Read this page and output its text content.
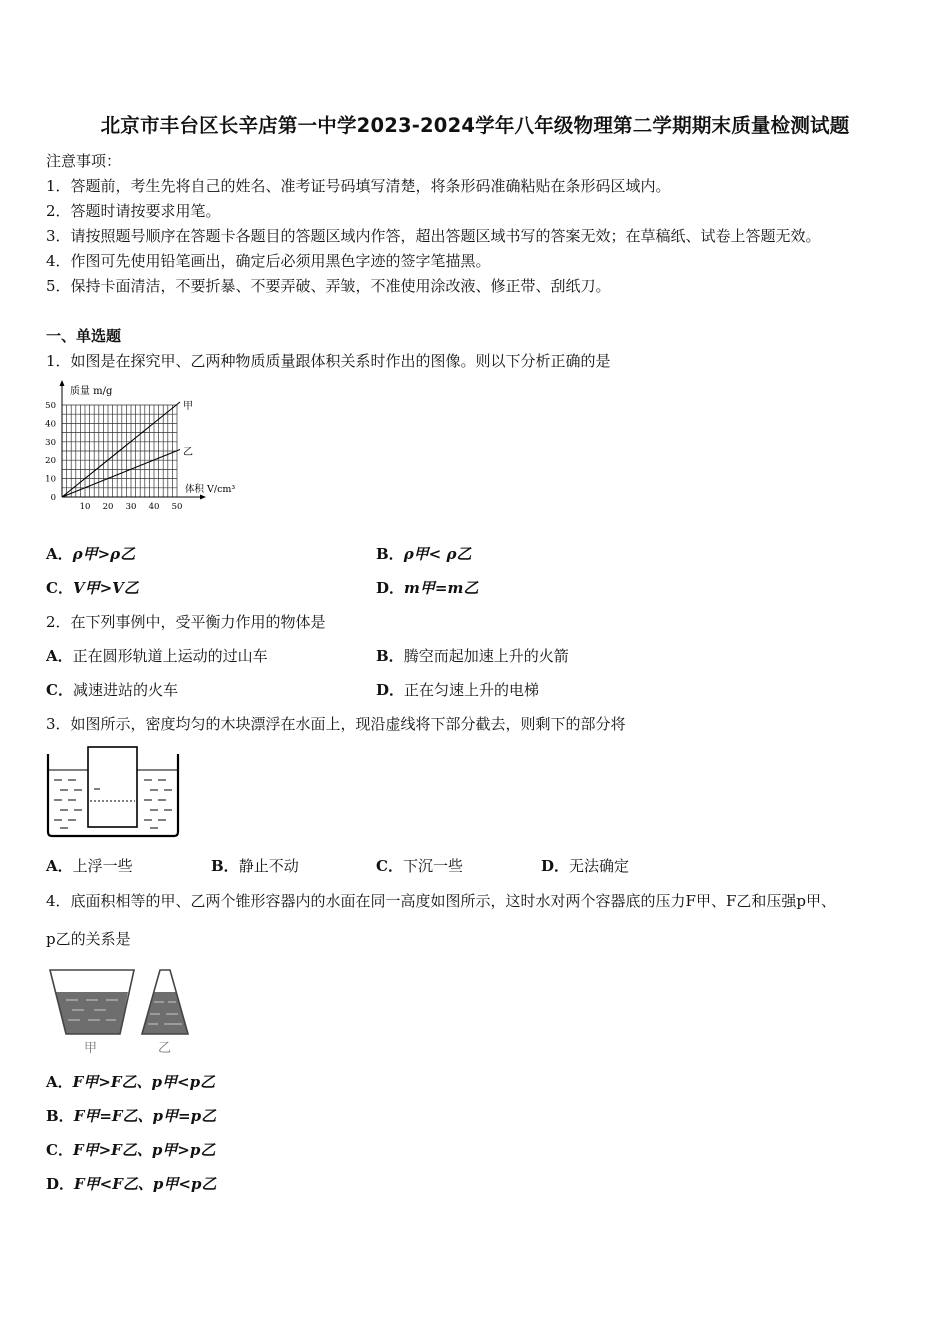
北京市丰台区长辛店第一中学2023-2024学年八年级物理第二学期期末质量检测试题
注意事项：
1．答题前，考生先将自己的姓名、准考证号码填写清楚，将条形码准确粘贴在条形码区域内。
2．答题时请按要求用笔。
3．请按照题号顺序在答题卡各题目的答题区域内作答，超出答题区域书写的答案无效；在草稿纸、试卷上答题无效。
4．作图可先使用铅笔画出，确定后必须用黑色字迹的签字笔描黑。
5．保持卡面清洁，不要折暴、不要弄破、弄皱，不准使用涂改液、修正带、刮纸刀。
一、单选题
1．如图是在探究甲、乙两种物质质量跟体积关系时作出的图像。则以下分析正确的是
0
10
20
30
40
50
10 20 30 40 50
质量 m/g
体积 V/cm³
甲
乙
A．ρ甲>ρ乙	B．ρ甲< ρ乙
C．V甲>V乙	D．m甲=m乙
2．在下列事例中，受平衡力作用的物体是
A．正在圆形轨道上运动的过山车	B．腾空而起加速上升的火箭
C．减速进站的火车	D．正在匀速上升的电梯
3．如图所示，密度均匀的木块漂浮在水面上，现沿虚线将下部分截去，则剩下的部分将
A．上浮一些	B．静止不动	C．下沉一些	D．无法确定
4．底面积相等的甲、乙两个锥形容器内的水面在同一高度如图所示，这时水对两个容器底的压力F甲、F乙和压强p甲、
p乙的关系是
甲	乙
A．F甲>F乙、p甲<p乙
B．F甲=F乙、p甲=p乙
C．F甲>F乙、p甲>p乙
D．F甲<F乙、p甲<p乙
